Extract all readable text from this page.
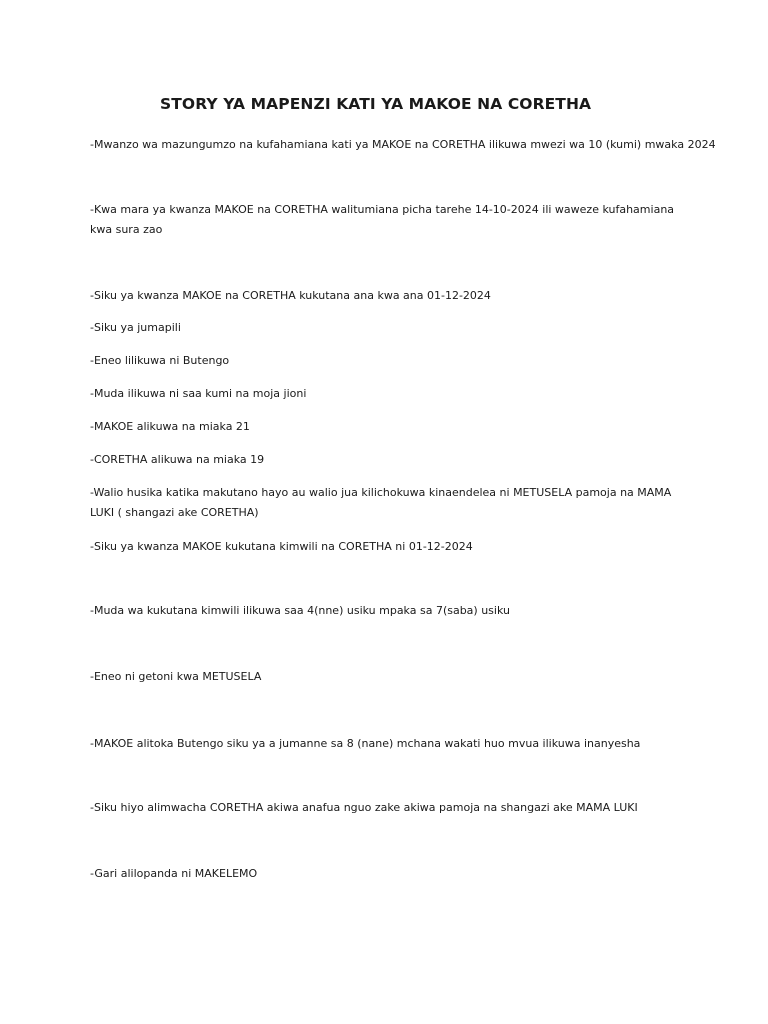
STORY YA MAPENZI KATI YA MAKOE NA CORETHA
-Mwanzo wa mazungumzo na kufahamiana kati ya MAKOE na CORETHA ilikuwa mwezi wa 10 (kumi) mwaka 2024
-Kwa mara ya kwanza MAKOE na CORETHA walitumiana picha tarehe 14-10-2024 ili waweze kufahamiana kwa sura zao
-Siku ya kwanza MAKOE na CORETHA kukutana ana kwa ana 01-12-2024
-Siku ya jumapili
-Eneo lilikuwa ni Butengo
-Muda ilikuwa ni saa kumi na moja jioni
-MAKOE alikuwa na miaka 21
-CORETHA alikuwa na miaka 19
-Walio husika katika makutano hayo au walio jua kilichokuwa kinaendelea ni METUSELA pamoja na MAMA LUKI ( shangazi ake CORETHA)
-Siku ya kwanza MAKOE kukutana kimwili na CORETHA ni 01-12-2024
-Muda wa kukutana kimwili ilikuwa saa 4(nne) usiku mpaka sa 7(saba) usiku
-Eneo ni getoni kwa METUSELA
-MAKOE alitoka Butengo siku ya a jumanne sa 8 (nane) mchana wakati huo mvua ilikuwa inanyesha
-Siku hiyo alimwacha CORETHA akiwa anafua nguo zake akiwa pamoja na shangazi ake MAMA LUKI
-Gari alilopanda ni MAKELEMO
